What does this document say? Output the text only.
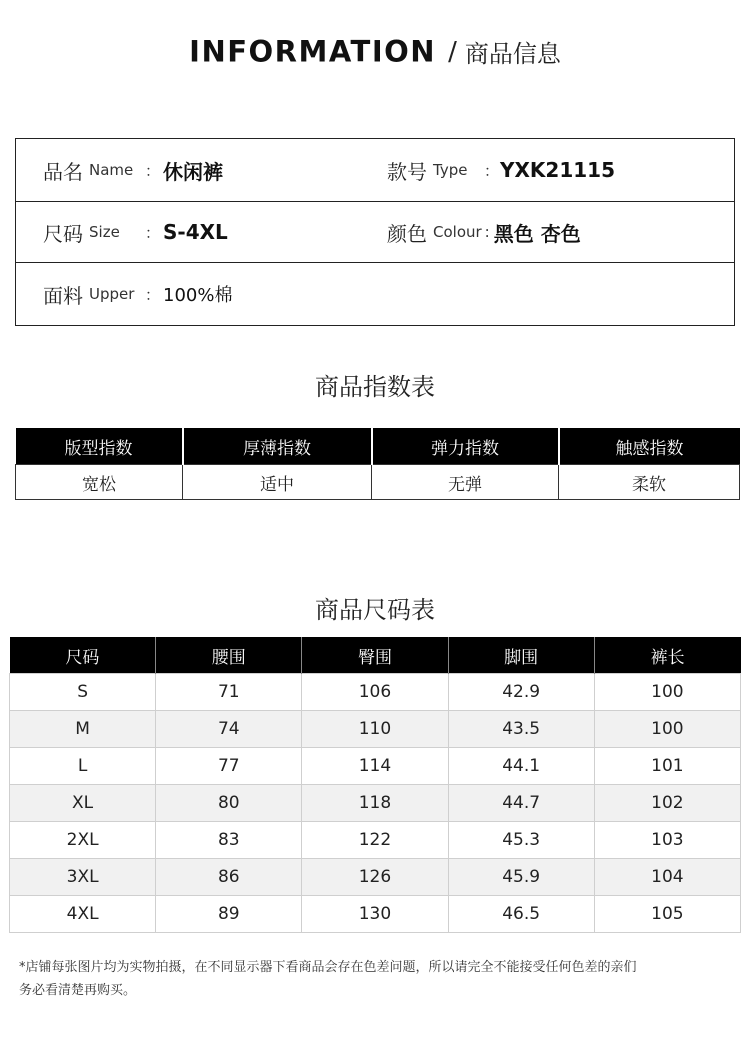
INFORMATION / 商品信息
品名 Name ： 休闲裤	款号 Type ： YXK21115
尺码 Size ： S-4XL	颜色 Colour : 黑色 杏色
面料 Upper ： 100%棉
商品指数表
版型指数	厚薄指数	弹力指数	触感指数
宽松	适中	无弹	柔软
商品尺码表
尺码	腰围	臀围	脚围	裤长
S	71	106	42.9	100
M	74	110	43.5	100
L	77	114	44.1	101
XL	80	118	44.7	102
2XL	83	122	45.3	103
3XL	86	126	45.9	104
4XL	89	130	46.5	105
*店铺每张图片均为实物拍摄，在不同显示器下看商品会存在色差问题，所以请完全不能接受任何色差的亲们
务必看清楚再购买。
